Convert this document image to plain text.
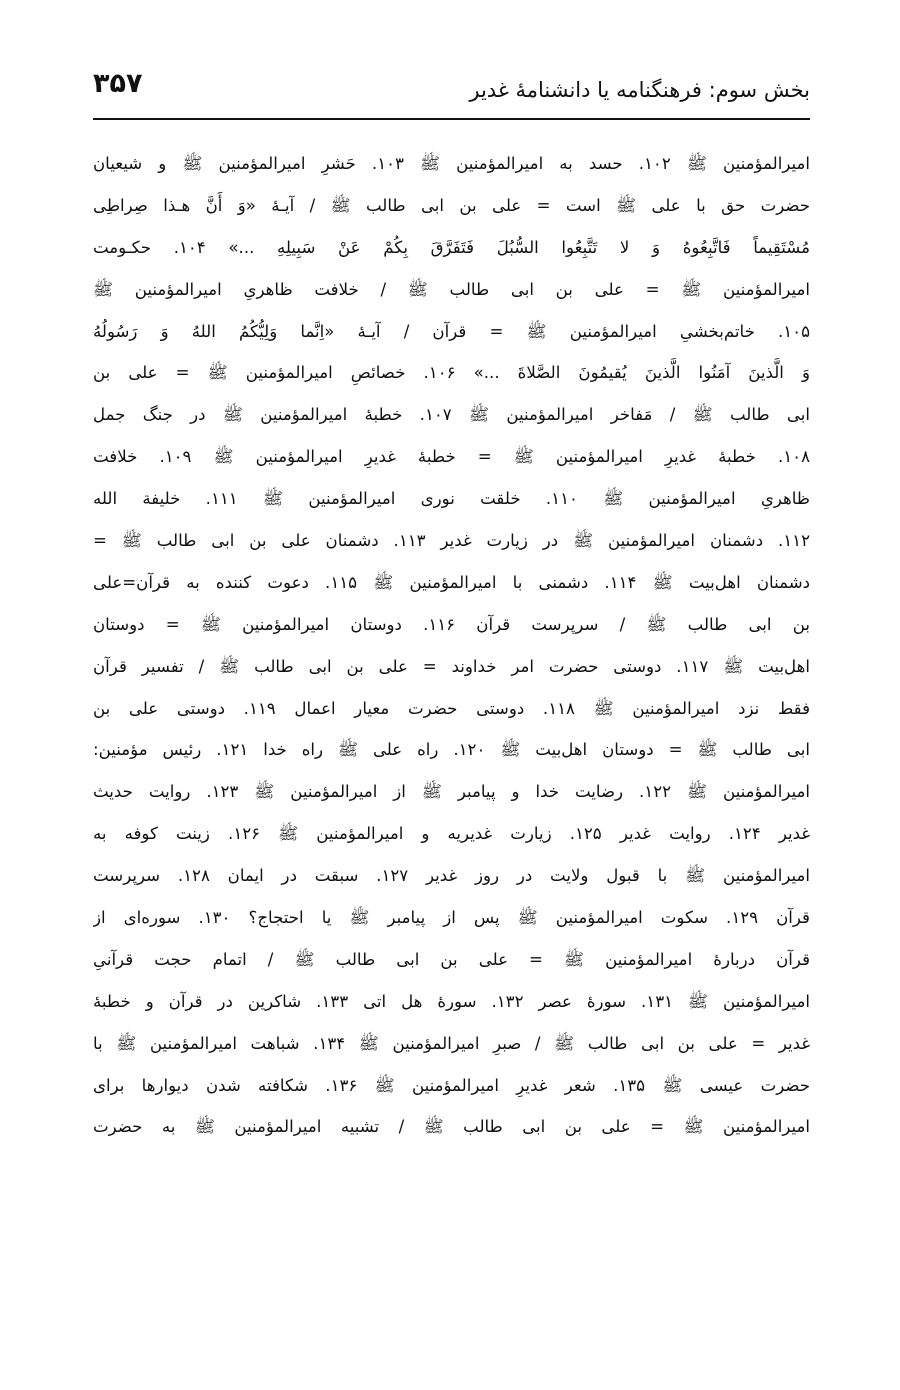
۳۵۷	بخش سوم: فرهنگنامه یا دانشنامۀ غدیر
امیرالمؤمنین ﷺ ۱۰۲. حسد به امیرالمؤمنین ﷺ ۱۰۳. حَشرِ امیرالمؤمنین ﷺ و شیعیان
حضرت حق با علی ﷺ است = علی بن ابی طالب ﷺ / آیـۀ «وَ أَنَّ هـذا صِراطِی
مُسْتَقِیماً فَاتَّبِعُوهُ وَ لا تَتَّبِعُوا السُّبُلَ فَتَفَرَّقَ بِکُمْ عَنْ سَبِیلِهِ ...» ۱۰۴. حکـومت
امیرالمؤمنین ﷺ = علی بن ابی طالب ﷺ / خلافت ظاهریِ امیرالمؤمنین ﷺ
۱۰۵. خاتم‌بخشیِ امیرالمؤمنین ﷺ = قرآن / آیـۀ «اِنَّما وَلِیُّکُمُ اللهُ وَ رَسُولُهُ
وَ الَّذینَ آمَنُوا الَّذینَ یُقیمُونَ الصَّلاةَ ...» ۱۰۶. خصائصِ امیرالمؤمنین ﷺ = علی بن
ابی طالب ﷺ / مَفاخر امیرالمؤمنین ﷺ ۱۰۷. خطبۀ امیرالمؤمنین ﷺ در جنگ جمل
۱۰۸. خطبۀ غدیرِ امیرالمؤمنین ﷺ = خطبۀ غدیرِ امیرالمؤمنین ﷺ ۱۰۹. خلافت
ظاهریِ امیرالمؤمنین ﷺ ۱۱۰. خلقت نوری امیرالمؤمنین ﷺ ۱۱۱. خلیفة الله
۱۱۲. دشمنان امیرالمؤمنین ﷺ در زیارت غدیر ۱۱۳. دشمنان علی بن ابی طالب ﷺ =
دشمنان اهل‌بیت ﷺ ۱۱۴. دشمنی با امیرالمؤمنین ﷺ ۱۱۵. دعوت کننده به قرآن=علی
بن ابی طالب ﷺ / سرپرست قرآن ۱۱۶. دوستان امیرالمؤمنین ﷺ = دوستان
اهل‌بیت ﷺ ۱۱۷. دوستی حضرت امر خداوند = علی بن ابی طالب ﷺ / تفسیر قرآن
فقط نزد امیرالمؤمنین ﷺ ۱۱۸. دوستی حضرت معیار اعمال ۱۱۹. دوستی علی بن
ابی طالب ﷺ = دوستان اهل‌بیت ﷺ ۱۲۰. راه علی ﷺ راه خدا ۱۲۱. رئیس مؤمنین:
امیرالمؤمنین ﷺ ۱۲۲. رضایت خدا و پیامبر ﷺ از امیرالمؤمنین ﷺ ۱۲۳. روایت حدیث
غدیر ۱۲۴. روایت غدیر ۱۲۵. زیارت غدیریه و امیرالمؤمنین ﷺ ۱۲۶. زینت کوفه به
امیرالمؤمنین ﷺ با قبول ولایت در روز غدیر ۱۲۷. سبقت در ایمان ۱۲۸. سرپرست
قرآن ۱۲۹. سکوت امیرالمؤمنین ﷺ پس از پیامبر ﷺ یا احتجاج؟ ۱۳۰. سوره‌ای از
قرآن دربارۀ امیرالمؤمنین ﷺ = علی بن ابی طالب ﷺ / اتمام حجت قرآنیِ
امیرالمؤمنین ﷺ ۱۳۱. سورۀ عصر ۱۳۲. سورۀ هل اتی ۱۳۳. شاکرین در قرآن و خطبۀ
غدیر = علی بن ابی طالب ﷺ / صبرِ امیرالمؤمنین ﷺ ۱۳۴. شباهت امیرالمؤمنین ﷺ با
حضرت عیسی ﷺ ۱۳۵. شعر غدیرِ امیرالمؤمنین ﷺ ۱۳۶. شکافته شدن دیوارها برای
امیرالمؤمنین ﷺ = علی بن ابی طالب ﷺ / تشبیه امیرالمؤمنین ﷺ به حضرت
